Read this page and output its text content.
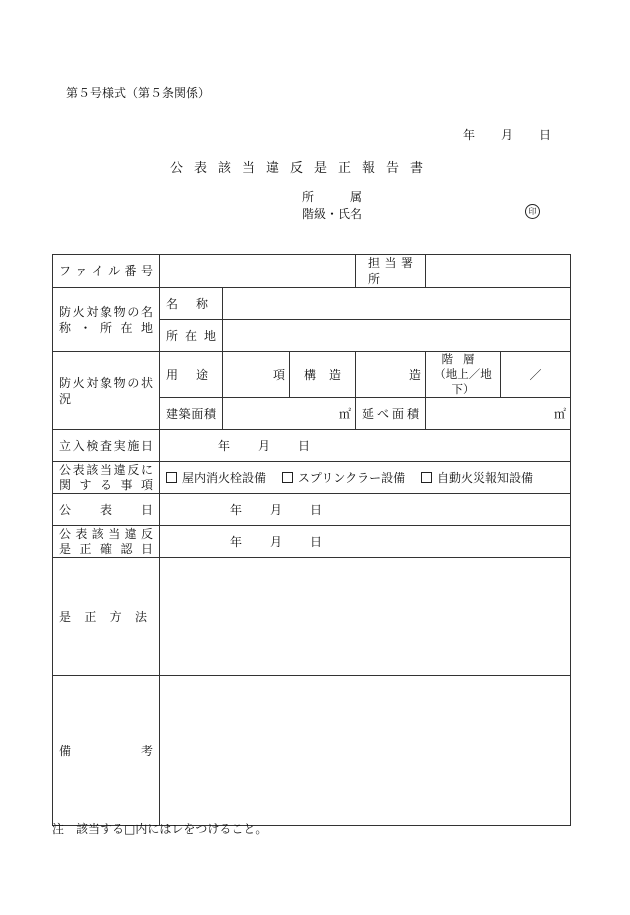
第５号様式（第５条関係）
年 月 日
公表該当違反是正報告書
所属
階級・氏名	印
ファイル番号				担当署所		
防火対象物の名称・所在地	名称					
	所在地					
防火対象物の状況	用途	項	構造	造	階層
（地上／地下）	／
	建築面積	㎡		延べ面積	㎡	
立入検査実施日	年 月 日					

公表該当違反に
関する事項	屋内消火栓設備 スプリンクラー設備 自動火災報知設備					
公表日	年 月 日					

公表該当違反
是正確認日	年 月 日					
是正方法						
備考						
注　該当する□内にはレをつけること。
